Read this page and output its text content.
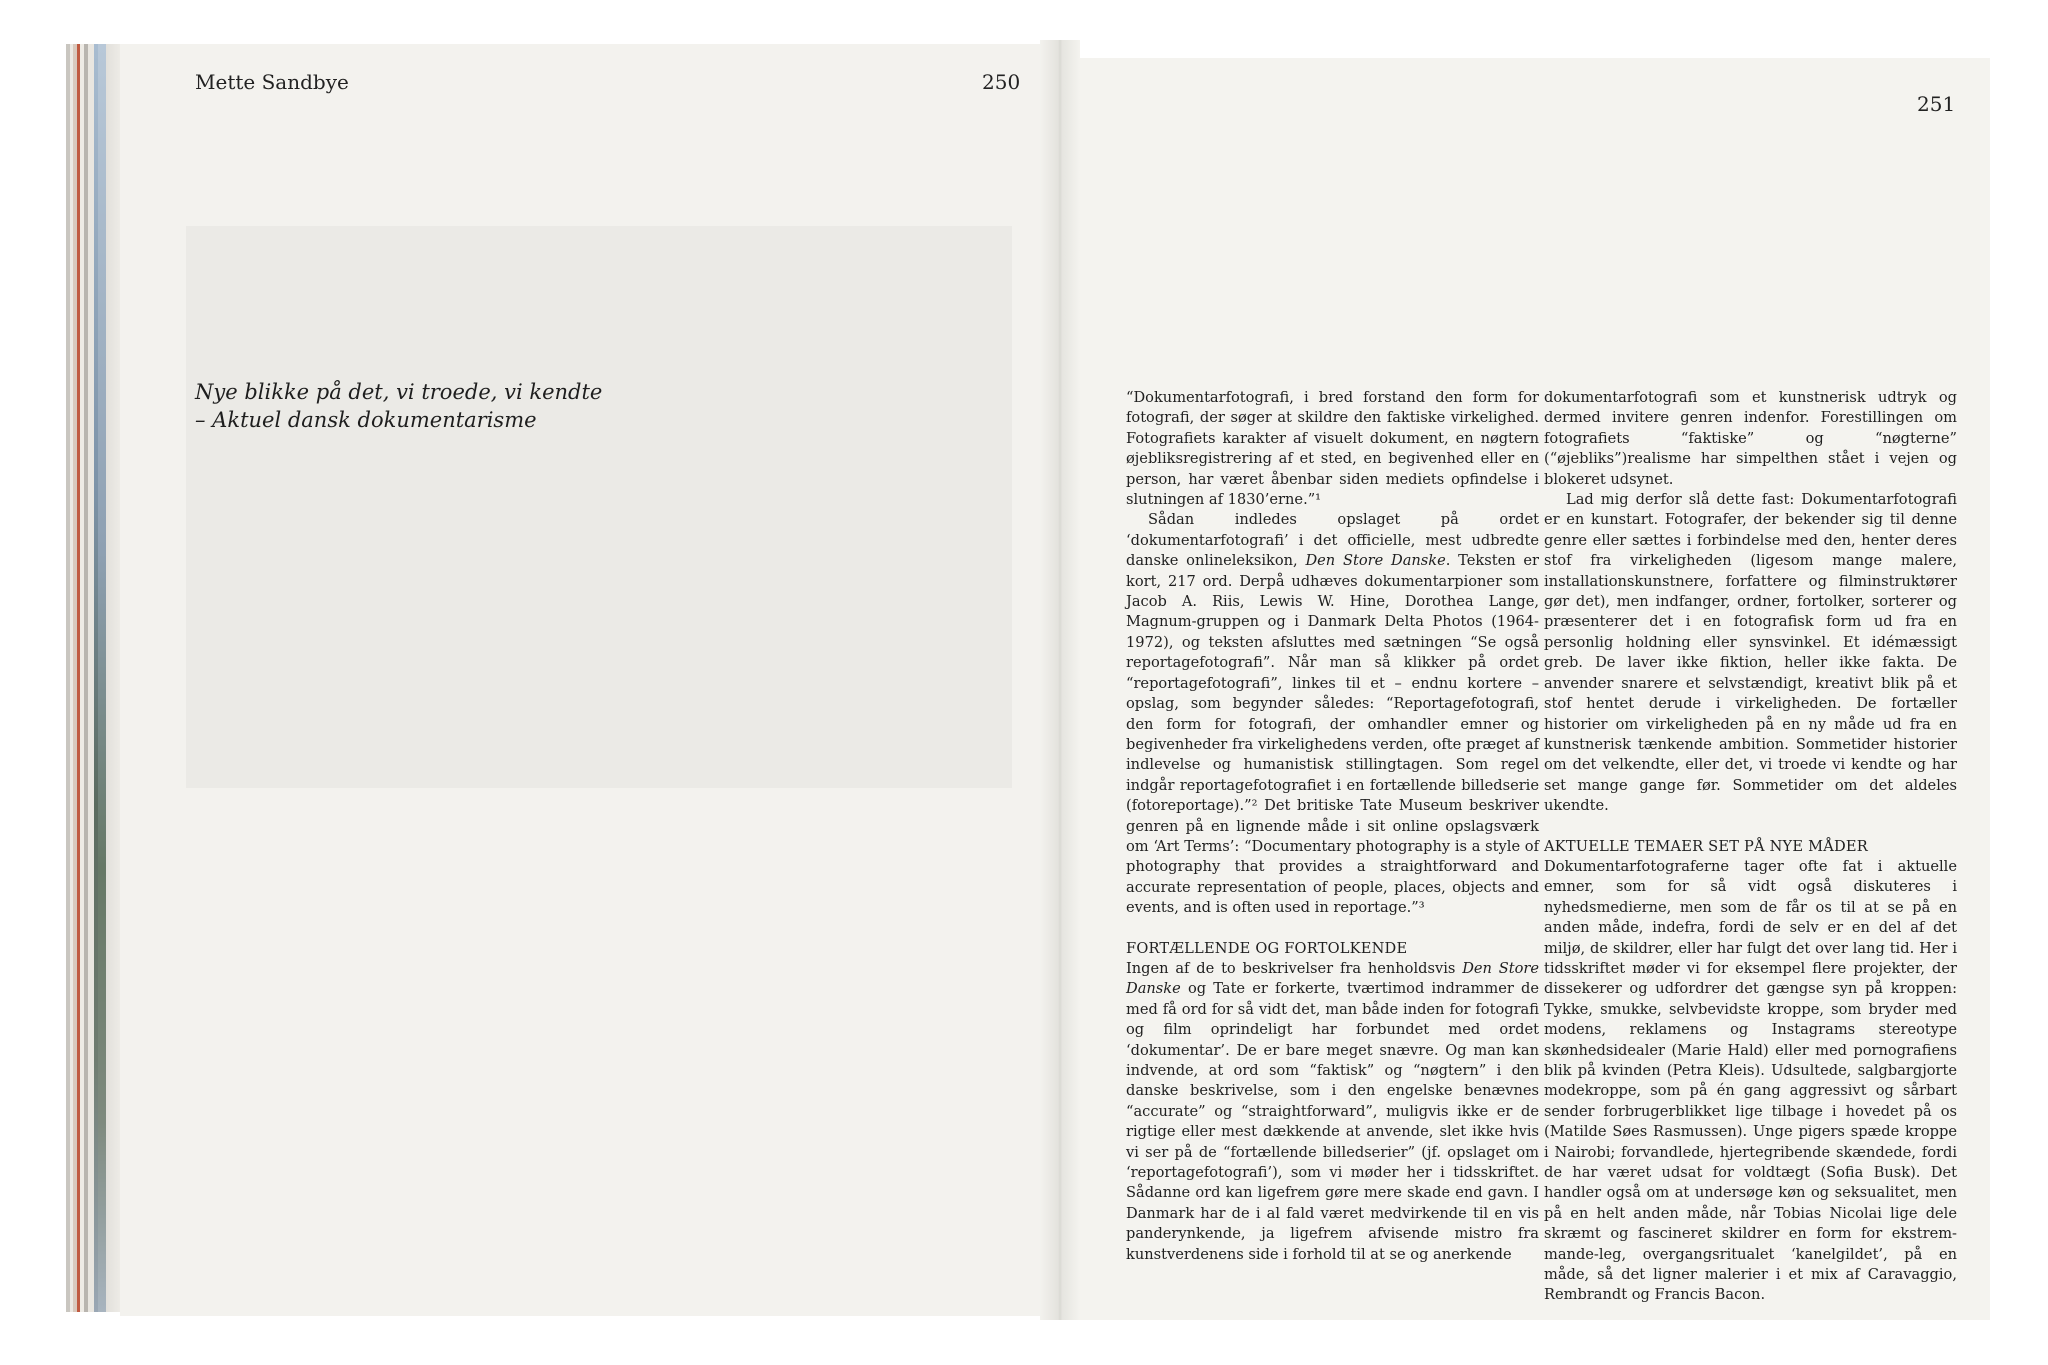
Mette Sandbye	250
251
Nye blikke på det, vi troede, vi kendte
– Aktuel dansk dokumentarisme

“Dokumentarfotografi, i bred forstand den form for fotografi, der søger at skildre den faktiske virkelighed. Fotografiets karakter af visuelt dokument, en nøgtern øjebliksregistrering af et sted, en begivenhed eller en person, har været åbenbar siden mediets opfindelse i slutningen af 1830’erne.”¹

Sådan indledes opslaget på ordet ‘dokumentarfotografi’ i det officielle, mest udbredte danske onlineleksikon, Den Store Danske. Teksten er kort, 217 ord. Derpå udhæves dokumentarpioner som Jacob A. Riis, Lewis W. Hine, Dorothea Lange, Magnum-gruppen og i Danmark Delta Photos (1964-1972), og teksten afsluttes med sætningen “Se også reportagefotografi”. Når man så klikker på ordet “reportagefotografi”, linkes til et – endnu kortere – opslag, som begynder således: “Reportagefotografi, den form for fotografi, der omhandler emner og begivenheder fra virkelighedens verden, ofte præget af indlevelse og humanistisk stillingtagen. Som regel indgår reportagefotografiet i en fortællende billedserie (fotoreportage).”² Det britiske Tate Museum beskriver genren på en lignende måde i sit online opslagsværk om ‘Art Terms’: “Documentary photography is a style of photography that provides a straightforward and accurate representation of people, places, objects and events, and is often used in reportage.”³

FORTÆLLENDE OG FORTOLKENDE

Ingen af de to beskrivelser fra henholdsvis Den Store Danske og Tate er forkerte, tværtimod indrammer de med få ord for så vidt det, man både inden for fotografi og film oprindeligt har forbundet med ordet ‘dokumentar’. De er bare meget snævre. Og man kan indvende, at ord som “faktisk” og “nøgtern” i den danske beskrivelse, som i den engelske benævnes “accurate” og “straightforward”, muligvis ikke er de rigtige eller mest dækkende at anvende, slet ikke hvis vi ser på de “fortællende billedserier” (jf. opslaget om ‘reportagefotografi’), som vi møder her i tidsskriftet. Sådanne ord kan ligefrem gøre mere skade end gavn. I Danmark har de i al fald været medvirkende til en vis panderynkende, ja ligefrem afvisende mistro fra kunstverdenens side i forhold til at se og anerkende

dokumentarfotografi som et kunstnerisk udtryk og dermed invitere genren indenfor. Forestillingen om fotografiets “faktiske” og “nøgterne” (“øjebliks”)realisme har simpelthen stået i vejen og blokeret udsynet.

Lad mig derfor slå dette fast: Dokumentarfotografi er en kunstart. Fotografer, der bekender sig til denne genre eller sættes i forbindelse med den, henter deres stof fra virkeligheden (ligesom mange malere, installationskunstnere, forfattere og filminstruktører gør det), men indfanger, ordner, fortolker, sorterer og præsenterer det i en fotografisk form ud fra en personlig holdning eller synsvinkel. Et idémæssigt greb. De laver ikke fiktion, heller ikke fakta. De anvender snarere et selvstændigt, kreativt blik på et stof hentet derude i virkeligheden. De fortæller historier om virkeligheden på en ny måde ud fra en kunstnerisk tænkende ambition. Sommetider historier om det velkendte, eller det, vi troede vi kendte og har set mange gange før. Sommetider om det aldeles ukendte.

AKTUELLE TEMAER SET PÅ NYE MÅDER

Dokumentarfotograferne tager ofte fat i aktuelle emner, som for så vidt også diskuteres i nyhedsmedierne, men som de får os til at se på en anden måde, indefra, fordi de selv er en del af det miljø, de skildrer, eller har fulgt det over lang tid. Her i tidsskriftet møder vi for eksempel flere projekter, der dissekerer og udfordrer det gængse syn på kroppen: Tykke, smukke, selvbevidste kroppe, som bryder med modens, reklamens og Instagrams stereotype skønhedsidealer (Marie Hald) eller med pornografiens blik på kvinden (Petra Kleis). Udsultede, salgbargjorte modekroppe, som på én gang aggressivt og sårbart sender forbrugerblikket lige tilbage i hovedet på os (Matilde Søes Rasmussen). Unge pigers spæde kroppe i Nairobi; forvandlede, hjertegribende skændede, fordi de har været udsat for voldtægt (Sofia Busk). Det handler også om at undersøge køn og seksualitet, men på en helt anden måde, når Tobias Nicolai lige dele skræmt og fascineret skildrer en form for ekstrem-mande-leg, overgangsritualet ‘kanelgildet’, på en måde, så det ligner malerier i et mix af Caravaggio, Rembrandt og Francis Bacon.
